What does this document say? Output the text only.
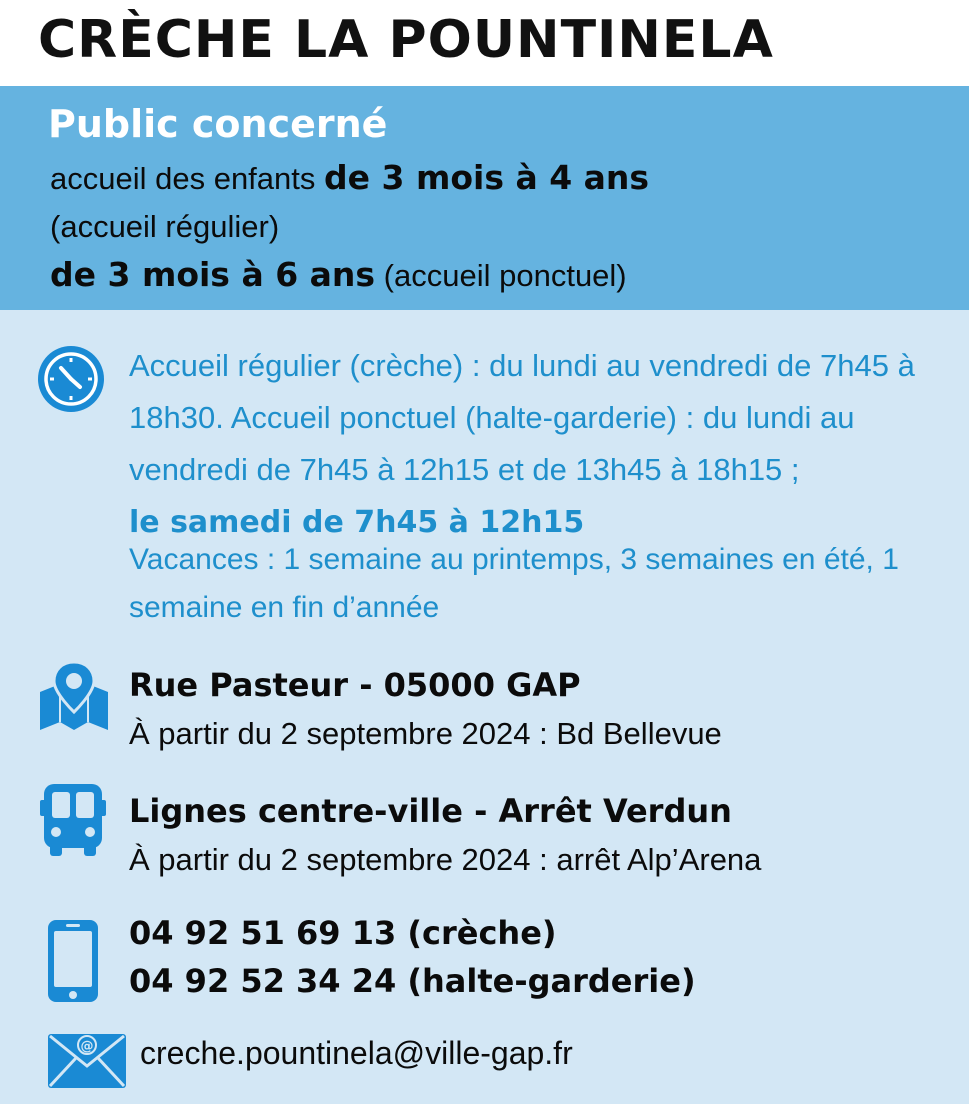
CRÈCHE LA POUNTINELA
Public concerné
accueil des enfants de 3 mois à 4 ans
(accueil régulier)
de 3 mois à 6 ans (accueil ponctuel)
Accueil régulier (crèche) : du lundi au vendredi de 7h45 à 18h30. Accueil ponctuel (halte-garderie) : du lundi au vendredi de 7h45 à 12h15 et de 13h45 à 18h15 ;
le samedi de 7h45 à 12h15
Vacances : 1 semaine au printemps, 3 semaines en été, 1 semaine en fin d’année
Rue Pasteur - 05000 GAP
À partir du 2 septembre 2024 : Bd Bellevue
Lignes centre-ville - Arrêt Verdun
À partir du 2 septembre 2024 : arrêt Alp’Arena
04 92 51 69 13 (crèche)
04 92 52 34 24 (halte-garderie)
@ creche.pountinela@ville-gap.fr
